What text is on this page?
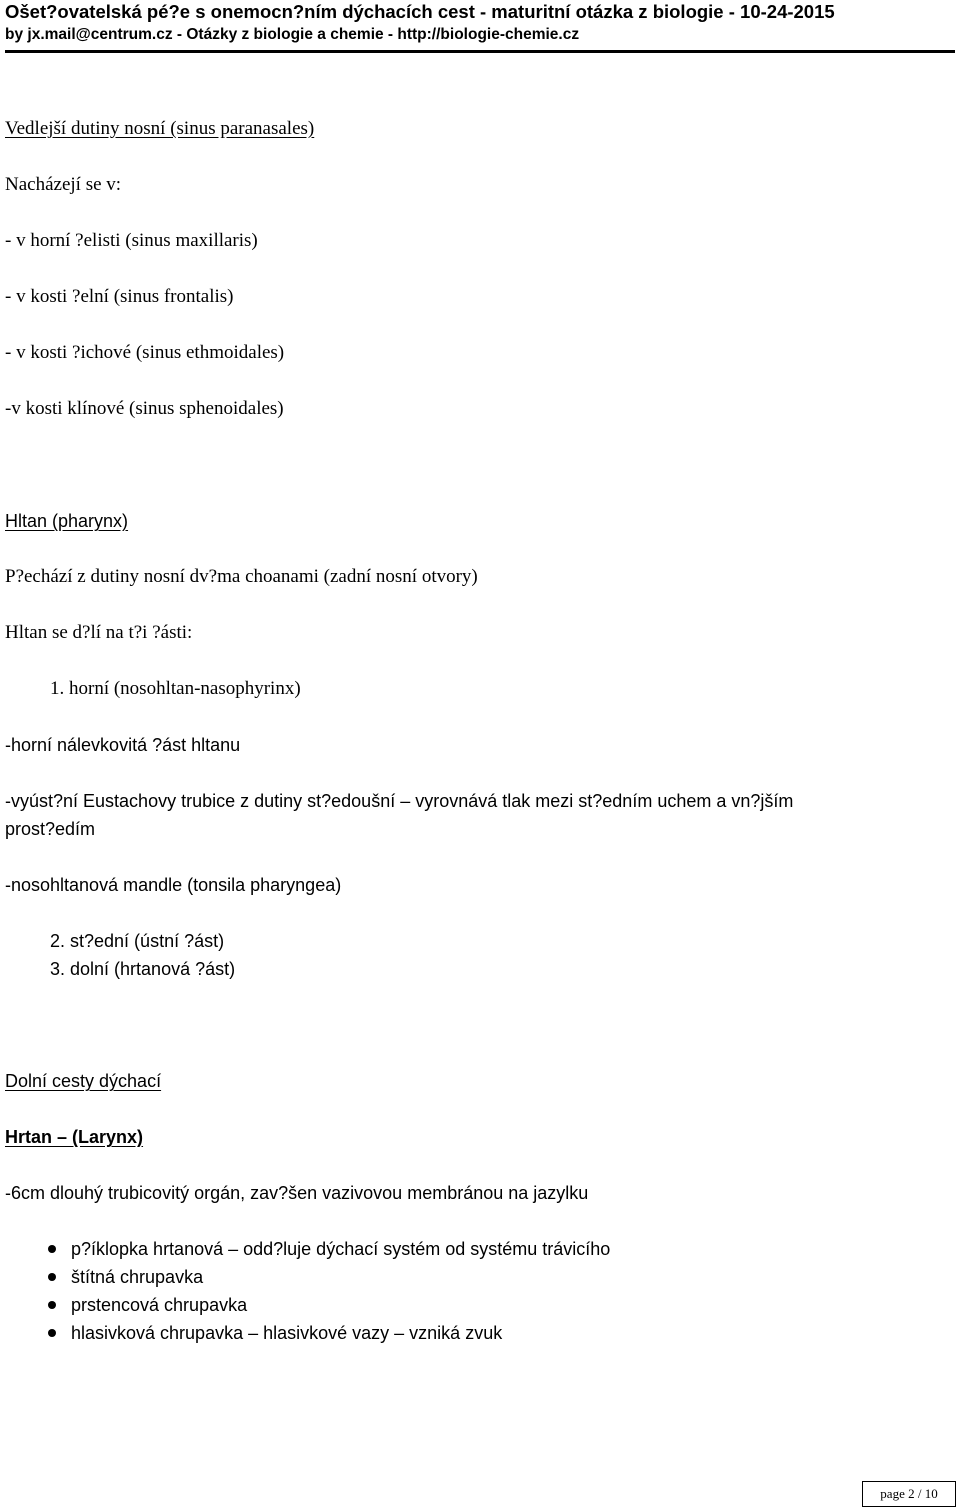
Ošet?ovatelská pé?e s onemocn?ním dýchacích cest - maturitní otázka z biologie - 10-24-2015
by jx.mail@centrum.cz - Otázky z biologie a chemie - http://biologie-chemie.cz
Vedlejší dutiny nosní (sinus paranasales)
Nacházejí se v:
- v horní ?elisti (sinus maxillaris)
- v kosti ?elní (sinus frontalis)
- v kosti ?ichové (sinus ethmoidales)
-v kosti klínové (sinus sphenoidales)
Hltan (pharynx)
P?echází z dutiny nosní dv?ma choanami (zadní nosní otvory)
Hltan se d?lí na t?i ?ásti:
1. horní (nosohltan-nasophyrinx)
-horní nálevkovitá ?ást hltanu
-vyúst?ní Eustachovy trubice z dutiny st?edoušní – vyrovnává tlak mezi st?edním uchem a vn?jším
prost?edím
-nosohltanová mandle (tonsila pharyngea)
2. st?ední (ústní ?ást)
3. dolní (hrtanová ?ást)
Dolní cesty dýchací
Hrtan – (Larynx)
-6cm dlouhý trubicovitý orgán, zav?šen vazivovou membránou na jazylku
p?íklopka hrtanová – odd?luje dýchací systém od systému trávicího
štítná chrupavka
prstencová chrupavka
hlasivková chrupavka – hlasivkové vazy – vzniká zvuk
page 2 / 10
